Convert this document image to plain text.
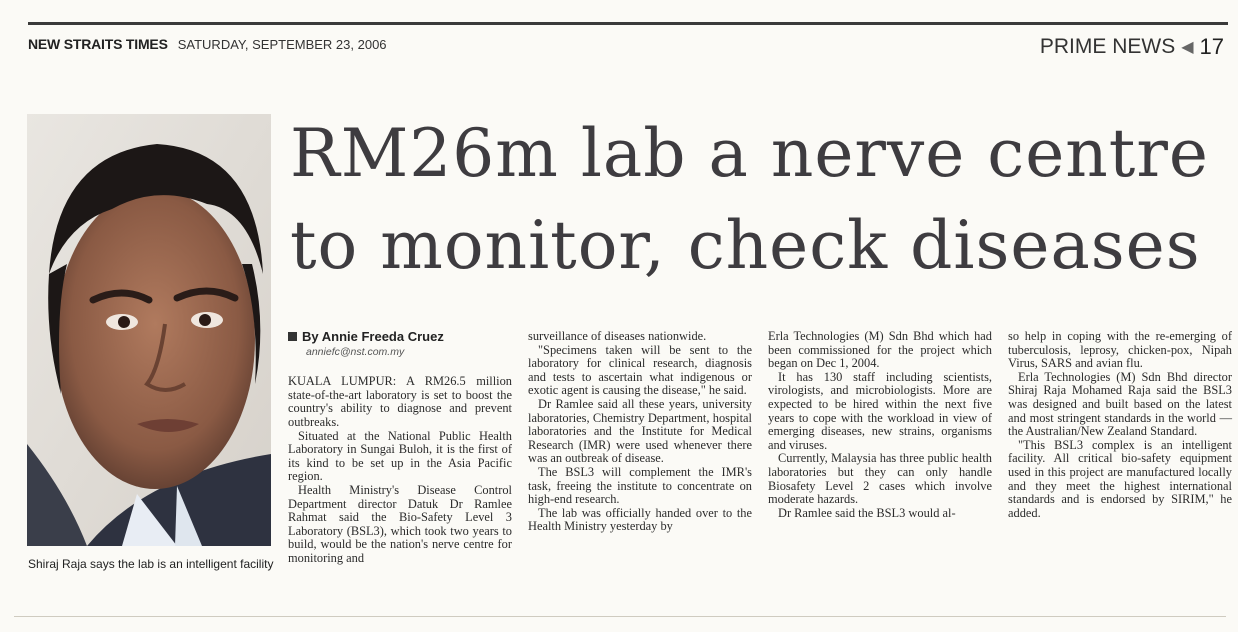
NEW STRAITS TIMES SATURDAY, SEPTEMBER 23, 2006	PRIME NEWS ◀ 17
Shiraj Raja says the lab is an intelligent facility
RM26m lab a nerve centre
to monitor, check diseases
By Annie Freeda Cruez
anniefc@nst.com.my

KUALA LUMPUR: A RM26.5 million state-of-the-art laboratory is set to boost the country's ability to diagnose and prevent outbreaks.

Situated at the National Public Health Laboratory in Sungai Buloh, it is the first of its kind to be set up in the Asia Pacific region.

Health Ministry's Disease Control Department director Datuk Dr Ramlee Rahmat said the Bio-Safety Level 3 Laboratory (BSL3), which took two years to build, would be the nation's nerve centre for monitoring and

surveillance of diseases nationwide.

"Specimens taken will be sent to the laboratory for clinical research, diagnosis and tests to ascertain what indigenous or exotic agent is causing the disease," he said.

Dr Ramlee said all these years, university laboratories, Chemistry Department, hospital laboratories and the Institute for Medical Research (IMR) were used whenever there was an outbreak of disease.

The BSL3 will complement the IMR's task, freeing the institute to concentrate on high-end research.

The lab was officially handed over to the Health Ministry yesterday by

Erla Technologies (M) Sdn Bhd which had been commissioned for the project which began on Dec 1, 2004.

It has 130 staff including scientists, virologists, and microbiologists. More are expected to be hired within the next five years to cope with the workload in view of emerging diseases, new strains, organisms and viruses.

Currently, Malaysia has three public health laboratories but they can only handle Biosafety Level 2 cases which involve moderate hazards.

Dr Ramlee said the BSL3 would al-

so help in coping with the re-emerging of tuberculosis, leprosy, chicken-pox, Nipah Virus, SARS and avian flu.

Erla Technologies (M) Sdn Bhd director Shiraj Raja Mohamed Raja said the BSL3 was designed and built based on the latest and most stringent standards in the world — the Australian/New Zealand Standard.

"This BSL3 complex is an intelligent facility. All critical bio-safety equipment used in this project are manufactured locally and they meet the highest international standards and is endorsed by SIRIM," he added.
